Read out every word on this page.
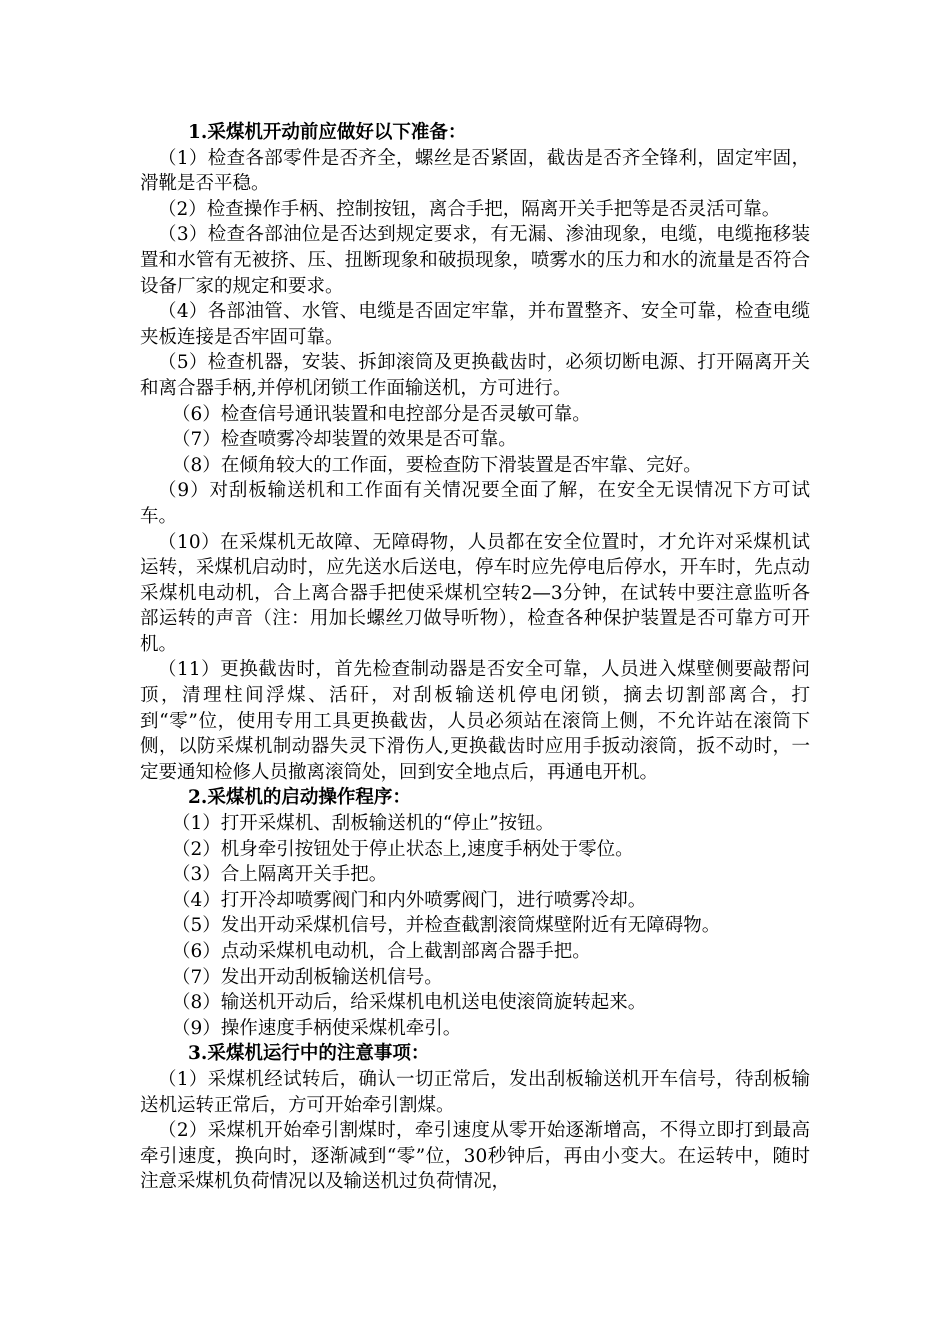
1.采煤机开动前应做好以下准备：

（1）检查各部零件是否齐全，螺丝是否紧固，截齿是否齐全锋利，固定牢固，滑靴是否平稳。

（2）检查操作手柄、控制按钮，离合手把，隔离开关手把等是否灵活可靠。

（3）检查各部油位是否达到规定要求，有无漏、渗油现象，电缆，电缆拖移装置和水管有无被挤、压、扭断现象和破损现象，喷雾水的压力和水的流量是否符合设备厂家的规定和要求。

（4）各部油管、水管、电缆是否固定牢靠，并布置整齐、安全可靠，检查电缆夹板连接是否牢固可靠。

（5）检查机器，安装、拆卸滚筒及更换截齿时，必须切断电源、打开隔离开关和离合器手柄,并停机闭锁工作面输送机，方可进行。

（6）检查信号通讯装置和电控部分是否灵敏可靠。

（7）检查喷雾冷却装置的效果是否可靠。

（8）在倾角较大的工作面，要检查防下滑装置是否牢靠、完好。

（9）对刮板输送机和工作面有关情况要全面了解，在安全无误情况下方可试车。

（10）在采煤机无故障、无障碍物，人员都在安全位置时，才允许对采煤机试运转，采煤机启动时，应先送水后送电，停车时应先停电后停水，开车时，先点动采煤机电动机，合上离合器手把使采煤机空转2—3分钟，在试转中要注意监听各部运转的声音（注：用加长螺丝刀做导听物），检查各种保护装置是否可靠方可开机。

（11）更换截齿时，首先检查制动器是否安全可靠，人员进入煤壁侧要敲帮问顶，清理柱间浮煤、活矸，对刮板输送机停电闭锁，摘去切割部离合，打到“零”位，使用专用工具更换截齿，人员必须站在滚筒上侧，不允许站在滚筒下侧，以防采煤机制动器失灵下滑伤人,更换截齿时应用手扳动滚筒，扳不动时，一定要通知检修人员撤离滚筒处，回到安全地点后，再通电开机。

2.采煤机的启动操作程序：

（1）打开采煤机、刮板输送机的“停止”按钮。

（2）机身牵引按钮处于停止状态上,速度手柄处于零位。

（3）合上隔离开关手把。

（4）打开冷却喷雾阀门和内外喷雾阀门，进行喷雾冷却。

（5）发出开动采煤机信号，并检查截割滚筒煤壁附近有无障碍物。

（6）点动采煤机电动机，合上截割部离合器手把。

（7）发出开动刮板输送机信号。

（8）输送机开动后，给采煤机电机送电使滚筒旋转起来。

（9）操作速度手柄使采煤机牵引。

3.采煤机运行中的注意事项：

（1）采煤机经试转后，确认一切正常后，发出刮板输送机开车信号，待刮板输送机运转正常后，方可开始牵引割煤。

（2）采煤机开始牵引割煤时，牵引速度从零开始逐渐增高，不得立即打到最高牵引速度，换向时，逐渐减到“零”位，30秒钟后，再由小变大。在运转中，随时注意采煤机负荷情况以及输送机过负荷情况，
